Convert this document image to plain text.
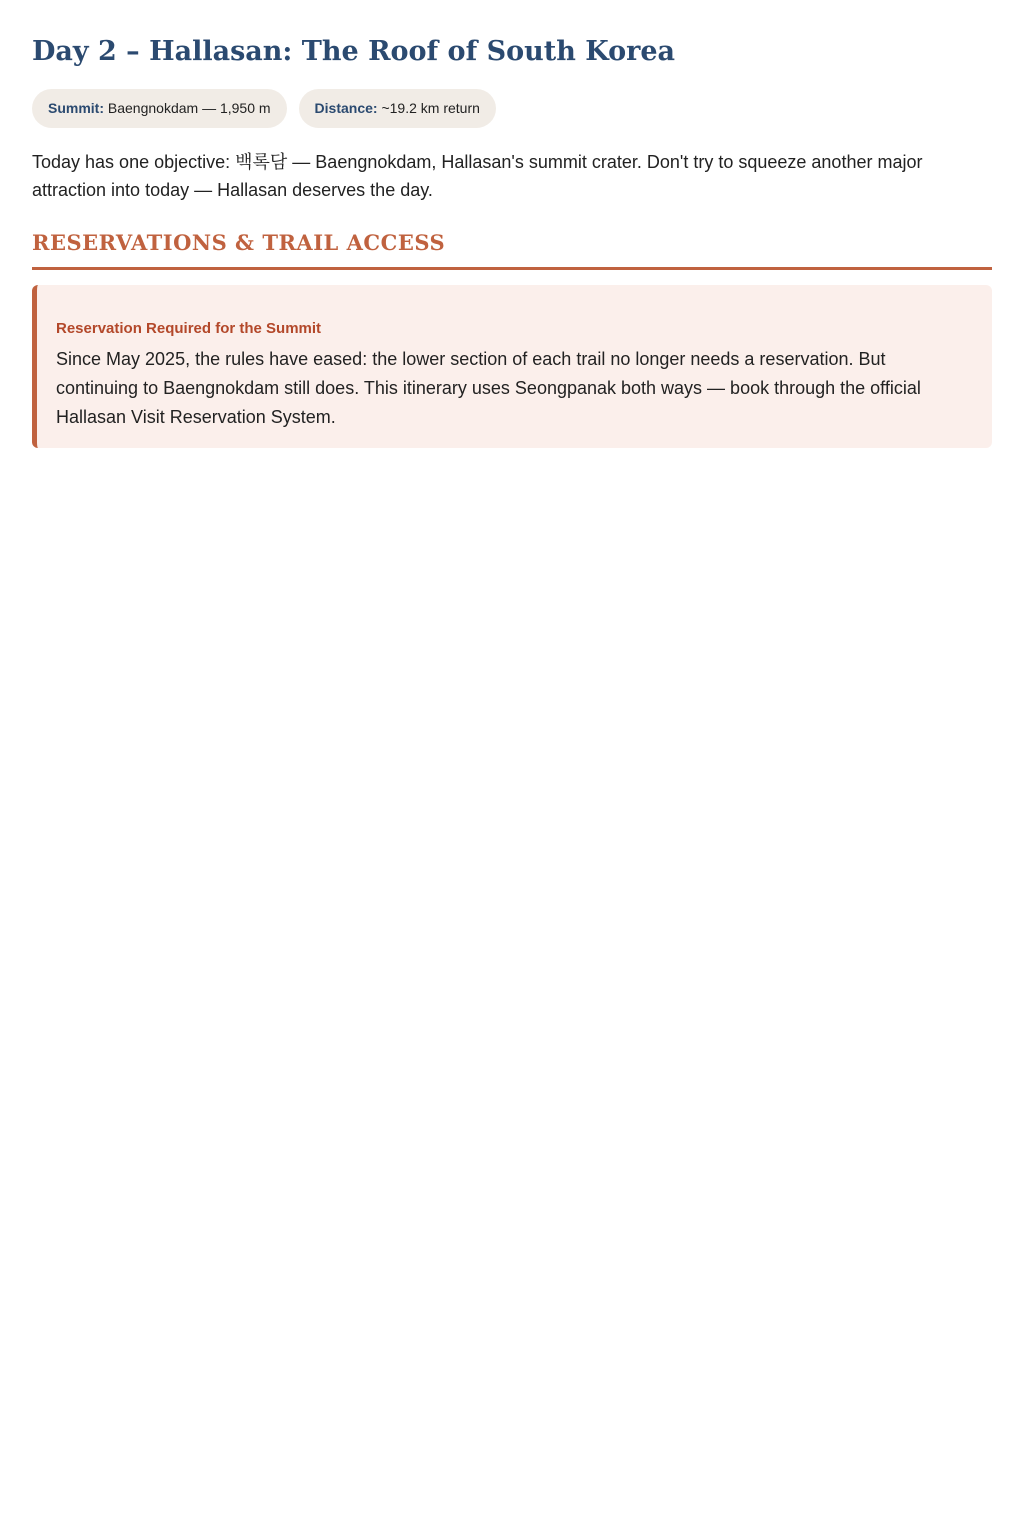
Day 2 – Hallasan: The Roof of South Korea
Summit: Baengnokdam — 1,950 m	Distance: ~19.2 km return

Today has one objective: 백록담 — Baengnokdam, Hallasan's summit crater. Don't try to squeeze another major attraction into today — Hallasan deserves the day.

RESERVATIONS & TRAIL ACCESS

Reservation Required for the Summit

Since May 2025, the rules have eased: the lower section of each trail no longer needs a reservation. But continuing to Baengnokdam still does. This itinerary uses Seongpanak both ways — book through the official Hallasan Visit Reservation System.
